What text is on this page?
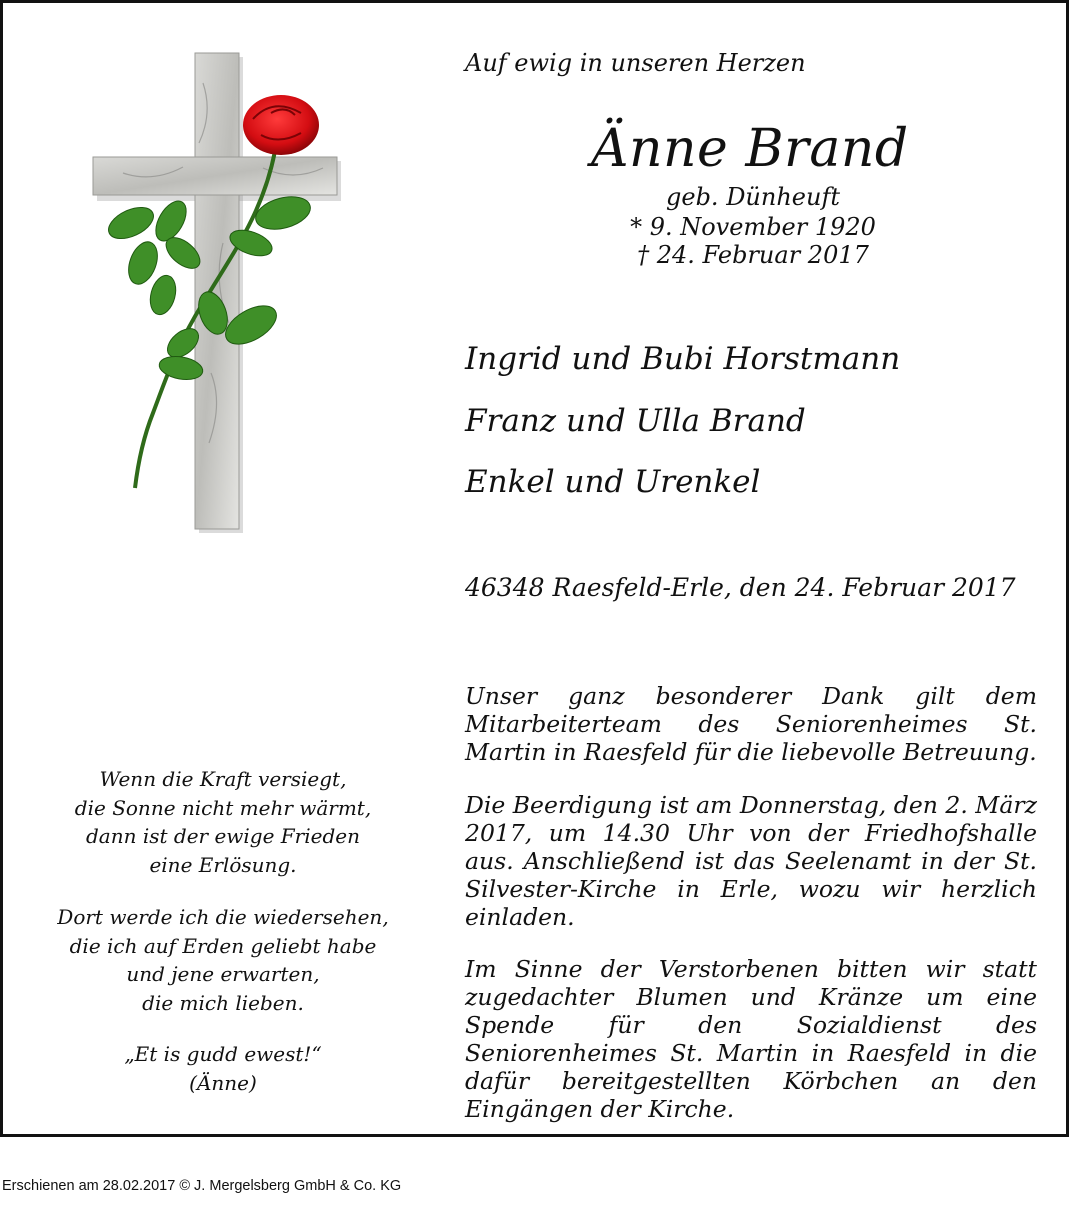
Auf ewig in unseren Herzen
Änne Brand
geb. Dünheuft
* 9. November 1920
† 24. Februar 2017
Ingrid und Bubi Horstmann
Franz und Ulla Brand
Enkel und Urenkel
46348 Raesfeld-Erle, den 24. Februar 2017
Unser ganz besonderer Dank gilt dem Mitarbeiterteam des Seniorenheimes St. Martin in Raesfeld für die liebevolle Betreuung.
Die Beerdigung ist am Donnerstag, den 2. März 2017, um 14.30 Uhr von der Friedhofshalle aus. Anschließend ist das Seelenamt in der St. Silvester-Kirche in Erle, wozu wir herzlich einladen.
Im Sinne der Verstorbenen bitten wir statt zugedachter Blumen und Kränze um eine Spende für den Sozialdienst des Seniorenheimes St. Martin in Raesfeld in die dafür bereitgestellten Körbchen an den Eingängen der Kirche.
Wenn die Kraft versiegt,
die Sonne nicht mehr wärmt,
dann ist der ewige Frieden
eine Erlösung.
Dort werde ich die wiedersehen,
die ich auf Erden geliebt habe
und jene erwarten,
die mich lieben.
„Et is gudd ewest!“
(Änne)
Erschienen am 28.02.2017 © J. Mergelsberg GmbH & Co. KG
